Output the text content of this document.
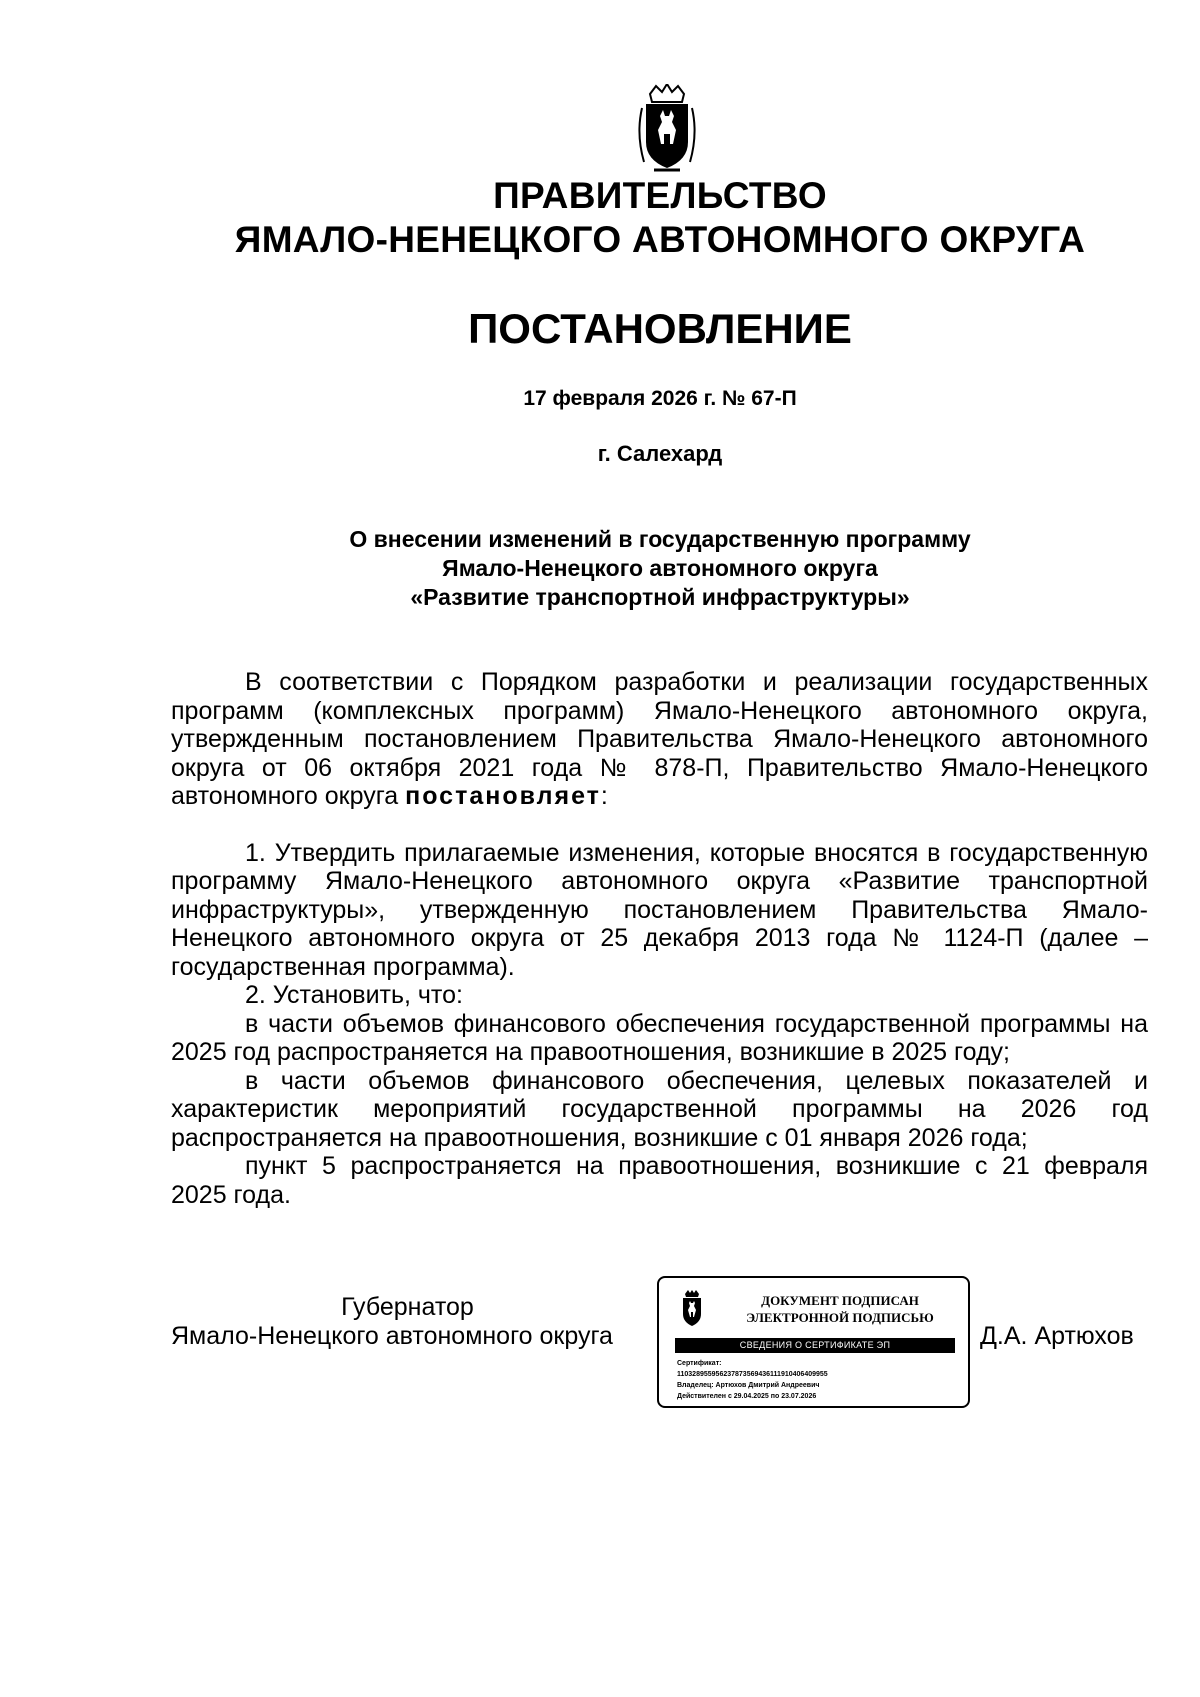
ПРАВИТЕЛЬСТВО
ЯМАЛО-НЕНЕЦКОГО АВТОНОМНОГО ОКРУГА
ПОСТАНОВЛЕНИЕ
17 февраля 2026 г. № 67-П
г. Салехард
О внесении изменений в государственную программу
Ямало-Ненецкого автономного округа
«Развитие транспортной инфраструктуры»

В соответствии с Порядком разработки и реализации государственных программ (комплексных программ) Ямало-Ненецкого автономного округа, утвержденным постановлением Правительства Ямало-Ненецкого автономного округа от 06 октября 2021 года № 878-П, Правительство Ямало-Ненецкого автономного округа постановляет:

1. Утвердить прилагаемые изменения, которые вносятся в государственную программу Ямало-Ненецкого автономного округа «Развитие транспортной инфраструктуры», утвержденную постановлением Правительства Ямало-Ненецкого автономного округа от 25 декабря 2013 года № 1124-П (далее – государственная программа).

2. Установить, что:

в части объемов финансового обеспечения государственной программы на 2025 год распространяется на правоотношения, возникшие в 2025 году;

в части объемов финансового обеспечения, целевых показателей и характеристик мероприятий государственной программы на 2026 год распространяется на правоотношения, возникшие с 01 января 2026 года;

пункт 5 распространяется на правоотношения, возникшие с 21 февраля 2025 года.

Губернатор
Ямало-Ненецкого автономного округа
ДОКУМЕНТ ПОДПИСАН
ЭЛЕКТРОННОЙ ПОДПИСЬЮ
СВЕДЕНИЯ О СЕРТИФИКАТЕ ЭП
Сертификат:
110328955956237873569436111910406409955
Владелец: Артюхов Дмитрий Андреевич
Действителен с 29.04.2025 по 23.07.2026
Д.А. Артюхов
